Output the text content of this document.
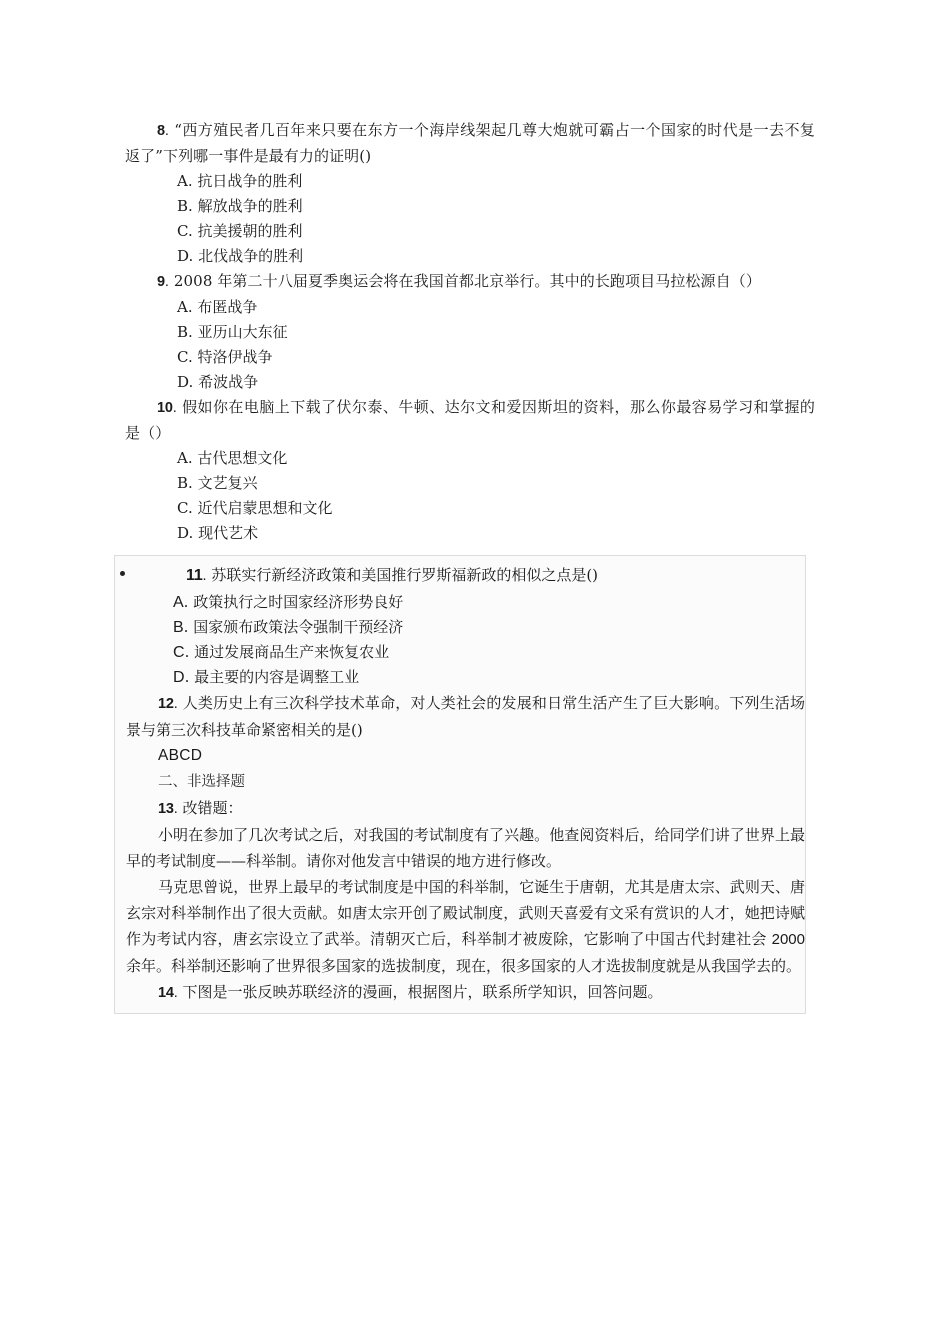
8. “西方殖民者几百年来只要在东方一个海岸线架起几尊大炮就可霸占一个国家的时代是一去不复返了”下列哪一事件是最有力的证明()

A. 抗日战争的胜利

B. 解放战争的胜利

C. 抗美援朝的胜利

D. 北伐战争的胜利

9. 2008 年第二十八届夏季奥运会将在我国首都北京举行。其中的长跑项目马拉松源自（）

A. 布匿战争

B. 亚历山大东征

C. 特洛伊战争

D. 希波战争

10. 假如你在电脑上下载了伏尔泰、牛顿、达尔文和爱因斯坦的资料，那么你最容易学习和掌握的是（）

A. 古代思想文化

B. 文艺复兴

C. 近代启蒙思想和文化

D. 现代艺术

11. 苏联实行新经济政策和美国推行罗斯福新政的相似之点是()

A. 政策执行之时国家经济形势良好

B. 国家颁布政策法令强制干预经济

C. 通过发展商品生产来恢复农业

D. 最主要的内容是调整工业

12. 人类历史上有三次科学技术革命，对人类社会的发展和日常生活产生了巨大影响。下列生活场景与第三次科技革命紧密相关的是()

ABCD

二、非选择题

13. 改错题：

小明在参加了几次考试之后，对我国的考试制度有了兴趣。他查阅资料后，给同学们讲了世界上最早的考试制度——科举制。请你对他发言中错误的地方进行修改。

马克思曾说，世界上最早的考试制度是中国的科举制，它诞生于唐朝，尤其是唐太宗、武则天、唐玄宗对科举制作出了很大贡献。如唐太宗开创了殿试制度，武则天喜爱有文采有赏识的人才，她把诗赋作为考试内容，唐玄宗设立了武举。清朝灭亡后，科举制才被废除，它影响了中国古代封建社会 2000 余年。科举制还影响了世界很多国家的选拔制度，现在，很多国家的人才选拔制度就是从我国学去的。

14. 下图是一张反映苏联经济的漫画，根据图片，联系所学知识，回答问题。
